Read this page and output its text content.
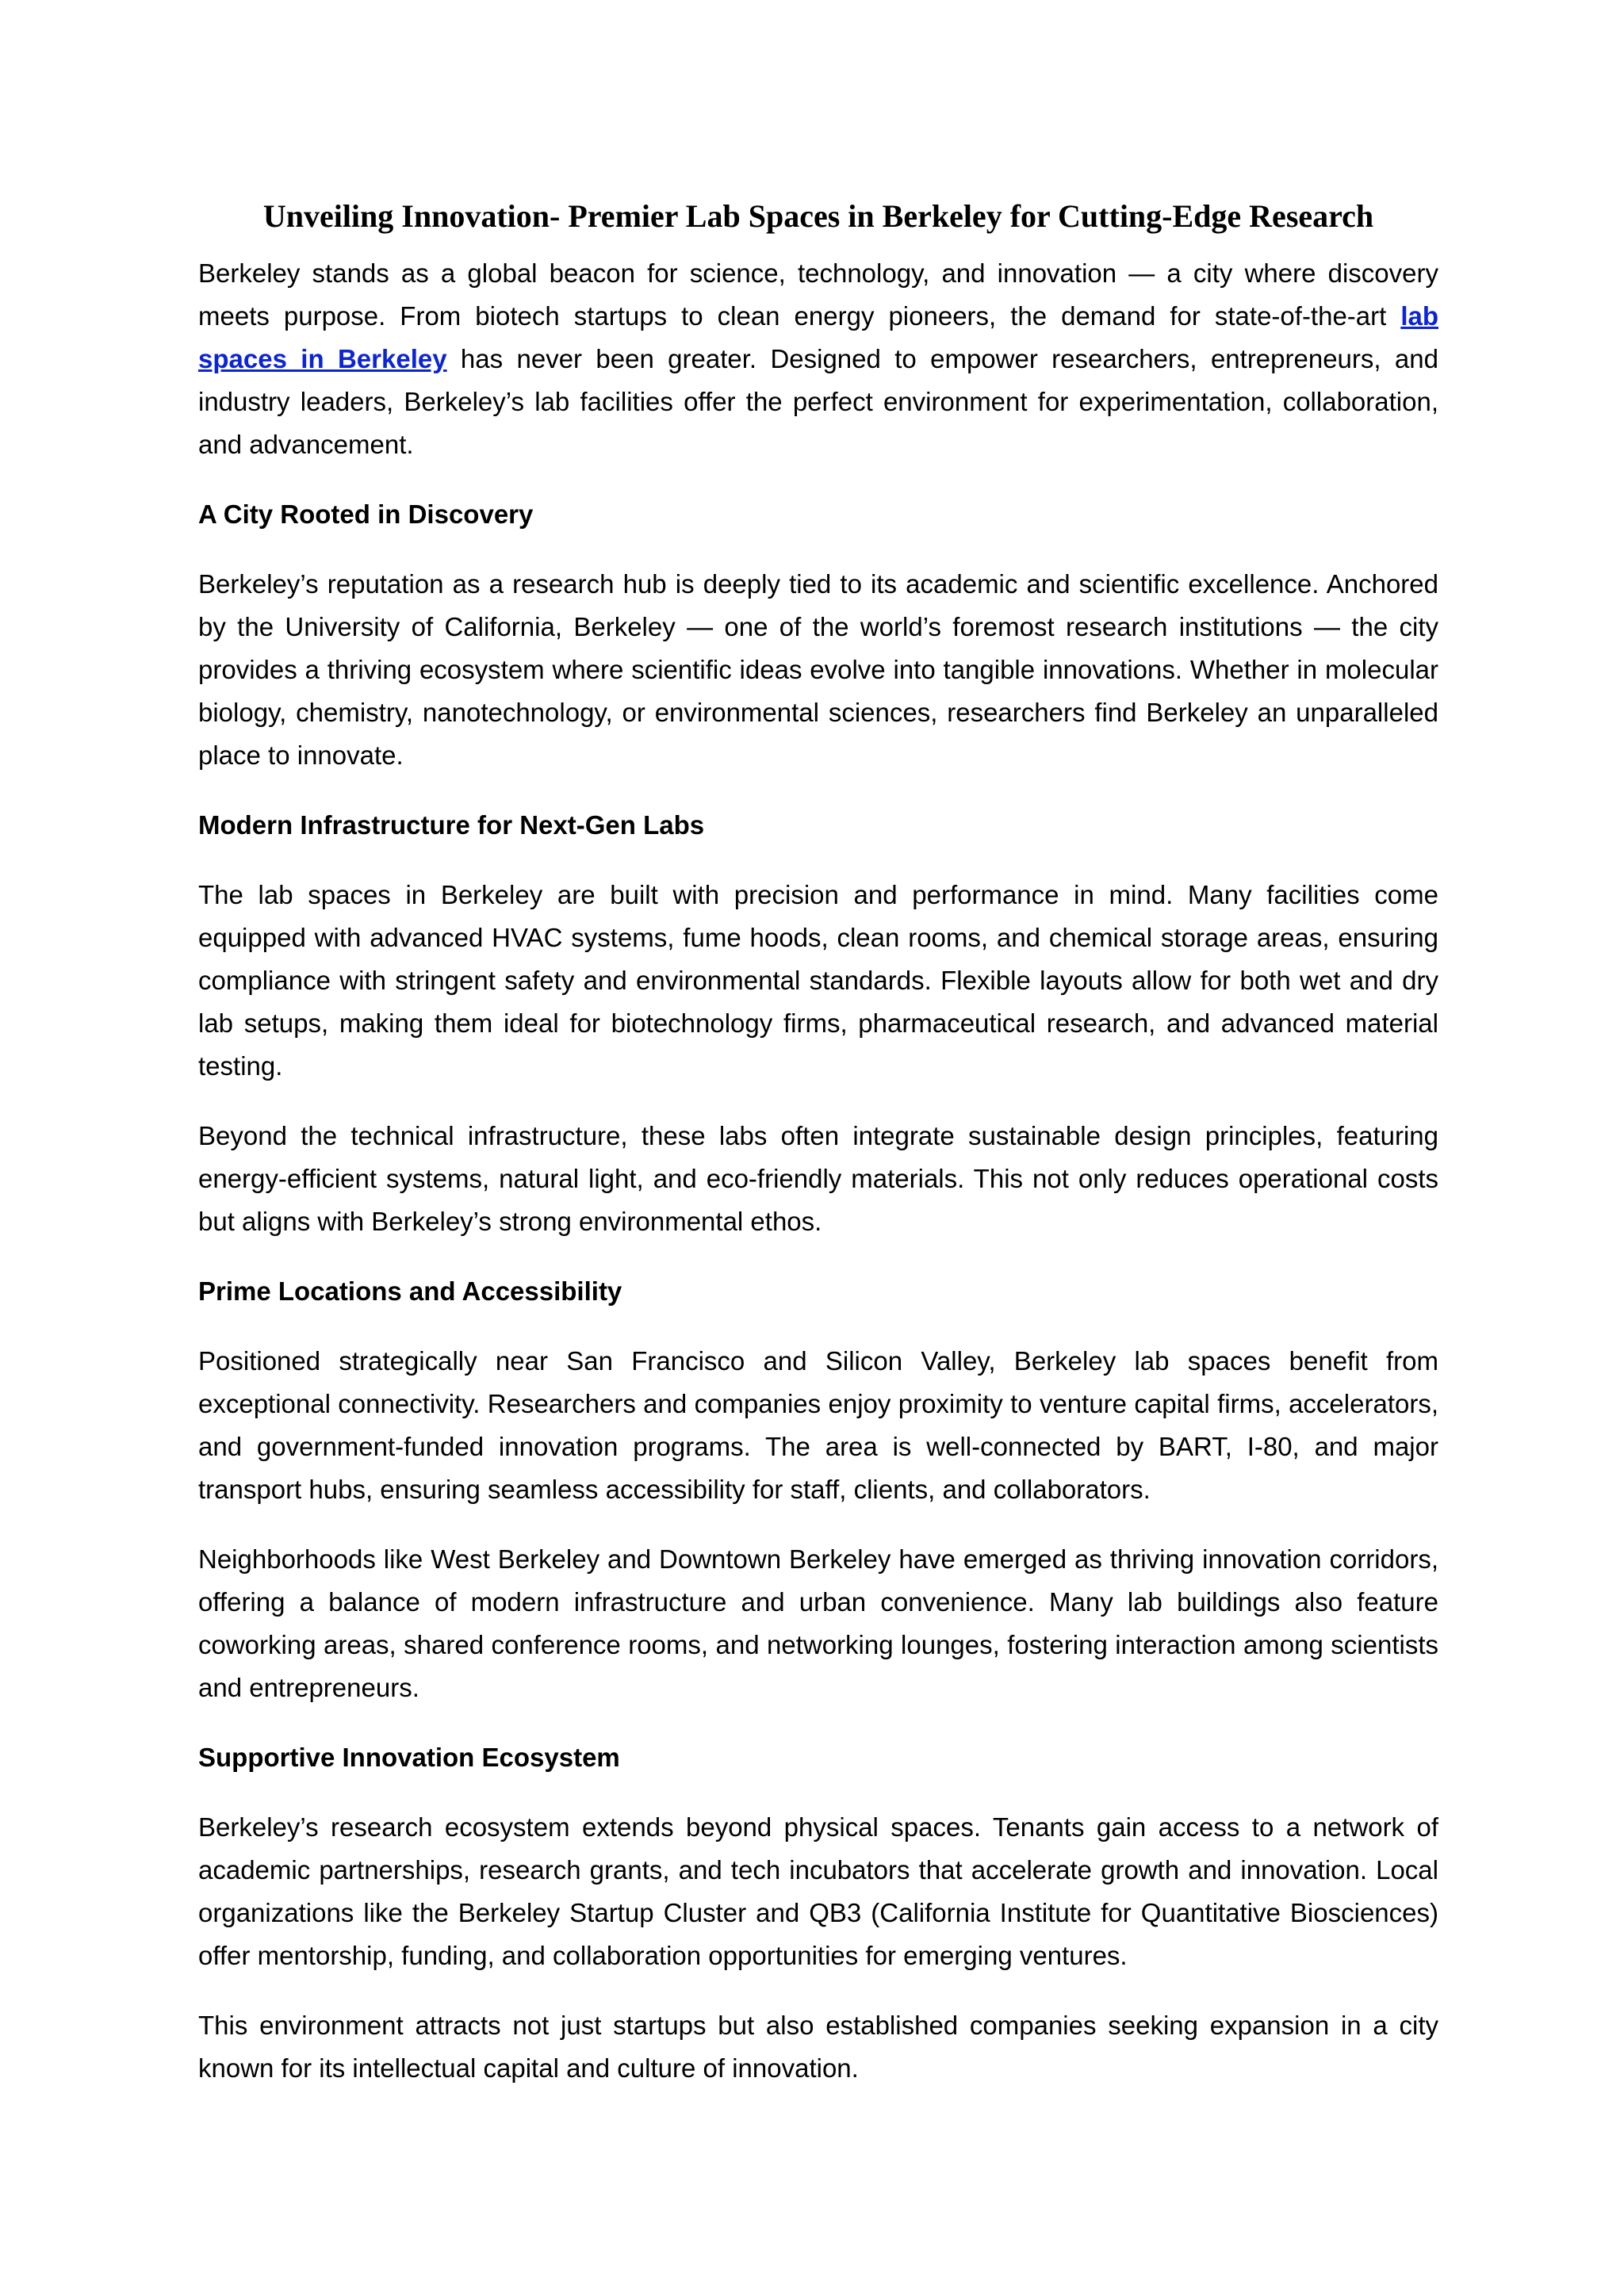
Unveiling Innovation- Premier Lab Spaces in Berkeley for Cutting-Edge Research

Berkeley stands as a global beacon for science, technology, and innovation — a city where discovery meets purpose. From biotech startups to clean energy pioneers, the demand for state-of-the-art lab spaces in Berkeley has never been greater. Designed to empower researchers, entrepreneurs, and industry leaders, Berkeley’s lab facilities offer the perfect environment for experimentation, collaboration, and advancement.

A City Rooted in Discovery

Berkeley’s reputation as a research hub is deeply tied to its academic and scientific excellence. Anchored by the University of California, Berkeley — one of the world’s foremost research institutions — the city provides a thriving ecosystem where scientific ideas evolve into tangible innovations. Whether in molecular biology, chemistry, nanotechnology, or environmental sciences, researchers find Berkeley an unparalleled place to innovate.

Modern Infrastructure for Next-Gen Labs

The lab spaces in Berkeley are built with precision and performance in mind. Many facilities come equipped with advanced HVAC systems, fume hoods, clean rooms, and chemical storage areas, ensuring compliance with stringent safety and environmental standards. Flexible layouts allow for both wet and dry lab setups, making them ideal for biotechnology firms, pharmaceutical research, and advanced material testing.

Beyond the technical infrastructure, these labs often integrate sustainable design principles, featuring energy-efficient systems, natural light, and eco-friendly materials. This not only reduces operational costs but aligns with Berkeley’s strong environmental ethos.

Prime Locations and Accessibility

Positioned strategically near San Francisco and Silicon Valley, Berkeley lab spaces benefit from exceptional connectivity. Researchers and companies enjoy proximity to venture capital firms, accelerators, and government-funded innovation programs. The area is well-connected by BART, I-80, and major transport hubs, ensuring seamless accessibility for staff, clients, and collaborators.

Neighborhoods like West Berkeley and Downtown Berkeley have emerged as thriving innovation corridors, offering a balance of modern infrastructure and urban convenience. Many lab buildings also feature coworking areas, shared conference rooms, and networking lounges, fostering interaction among scientists and entrepreneurs.

Supportive Innovation Ecosystem

Berkeley’s research ecosystem extends beyond physical spaces. Tenants gain access to a network of academic partnerships, research grants, and tech incubators that accelerate growth and innovation. Local organizations like the Berkeley Startup Cluster and QB3 (California Institute for Quantitative Biosciences) offer mentorship, funding, and collaboration opportunities for emerging ventures.

This environment attracts not just startups but also established companies seeking expansion in a city known for its intellectual capital and culture of innovation.
